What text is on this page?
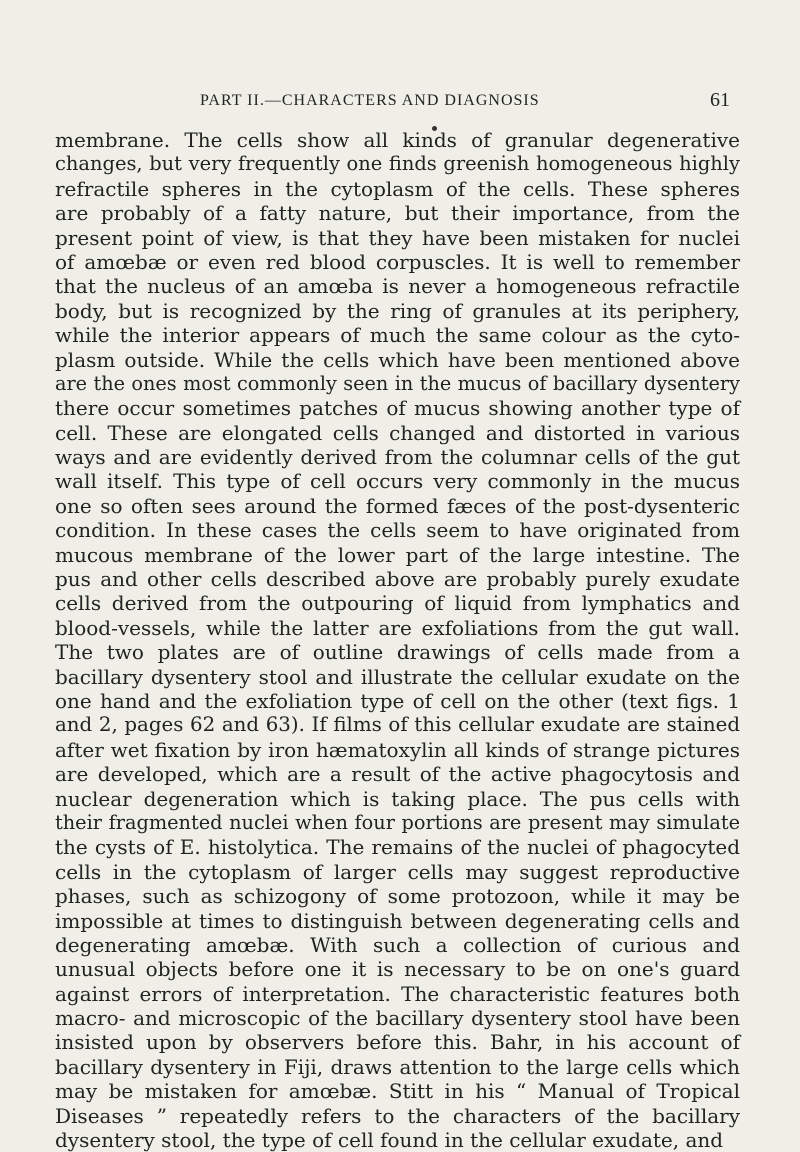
PART II.—CHARACTERS AND DIAGNOSIS	61
membrane. The cells show all kinds of granular degenerative
changes, but very frequently one finds greenish homogeneous highly
refractile spheres in the cytoplasm of the cells. These spheres
are probably of a fatty nature, but their importance, from the
present point of view, is that they have been mistaken for nuclei
of amœbæ or even red blood corpuscles. It is well to remember
that the nucleus of an amœba is never a homogeneous refractile
body, but is recognized by the ring of granules at its periphery,
while the interior appears of much the same colour as the cyto-
plasm outside. While the cells which have been mentioned above
are the ones most commonly seen in the mucus of bacillary dysentery
there occur sometimes patches of mucus showing another type of
cell. These are elongated cells changed and distorted in various
ways and are evidently derived from the columnar cells of the gut
wall itself. This type of cell occurs very commonly in the mucus
one so often sees around the formed fæces of the post-dysenteric
condition. In these cases the cells seem to have originated from
mucous membrane of the lower part of the large intestine. The
pus and other cells described above are probably purely exudate
cells derived from the outpouring of liquid from lymphatics and
blood-vessels, while the latter are exfoliations from the gut wall.
The two plates are of outline drawings of cells made from a
bacillary dysentery stool and illustrate the cellular exudate on the
one hand and the exfoliation type of cell on the other (text figs. 1
and 2, pages 62 and 63). If films of this cellular exudate are stained
after wet fixation by iron hæmatoxylin all kinds of strange pictures
are developed, which are a result of the active phagocytosis and
nuclear degeneration which is taking place. The pus cells with
their fragmented nuclei when four portions are present may simulate
the cysts of E. histolytica. The remains of the nuclei of phagocyted
cells in the cytoplasm of larger cells may suggest reproductive
phases, such as schizogony of some protozoon, while it may be
impossible at times to distinguish between degenerating cells and
degenerating amœbæ. With such a collection of curious and
unusual objects before one it is necessary to be on one's guard
against errors of interpretation. The characteristic features both
macro- and microscopic of the bacillary dysentery stool have been
insisted upon by observers before this. Bahr, in his account of
bacillary dysentery in Fiji, draws attention to the large cells which
may be mistaken for amœbæ. Stitt in his “ Manual of Tropical
Diseases ” repeatedly refers to the characters of the bacillary
dysentery stool, the type of cell found in the cellular exudate, and
